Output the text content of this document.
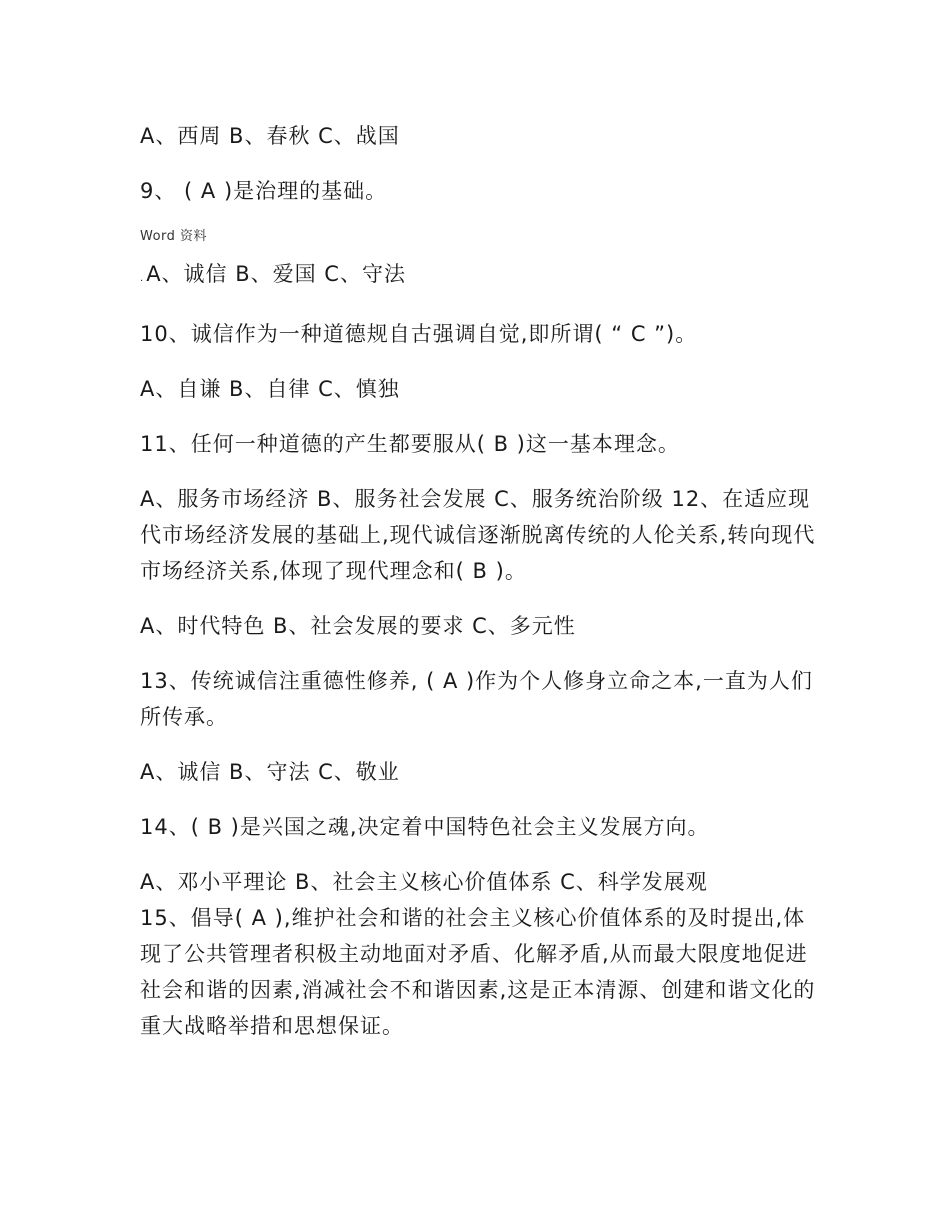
A、西周 B、春秋 C、战国

9、 ( A )是治理的基础。

Word 资料

.A、诚信 B、爱国 C、守法

10、诚信作为一种道德规自古强调自觉,即所谓( “ C ”)。

A、自谦 B、自律 C、慎独

11、任何一种道德的产生都要服从( B )这一基本理念。

A、服务市场经济 B、服务社会发展 C、服务统治阶级 12、在适应现代市场经济发展的基础上,现代诚信逐渐脱离传统的人伦关系,转向现代市场经济关系,体现了现代理念和( B )。

A、时代特色 B、社会发展的要求 C、多元性

13、传统诚信注重德性修养, ( A )作为个人修身立命之本,一直为人们所传承。

A、诚信 B、守法 C、敬业

14、( B )是兴国之魂,决定着中国特色社会主义发展方向。

A、邓小平理论 B、社会主义核心价值体系 C、科学发展观

15、倡导( A ),维护社会和谐的社会主义核心价值体系的及时提出,体现了公共管理者积极主动地面对矛盾、化解矛盾,从而最大限度地促进社会和谐的因素,消减社会不和谐因素,这是正本清源、创建和谐文化的重大战略举措和思想保证。
